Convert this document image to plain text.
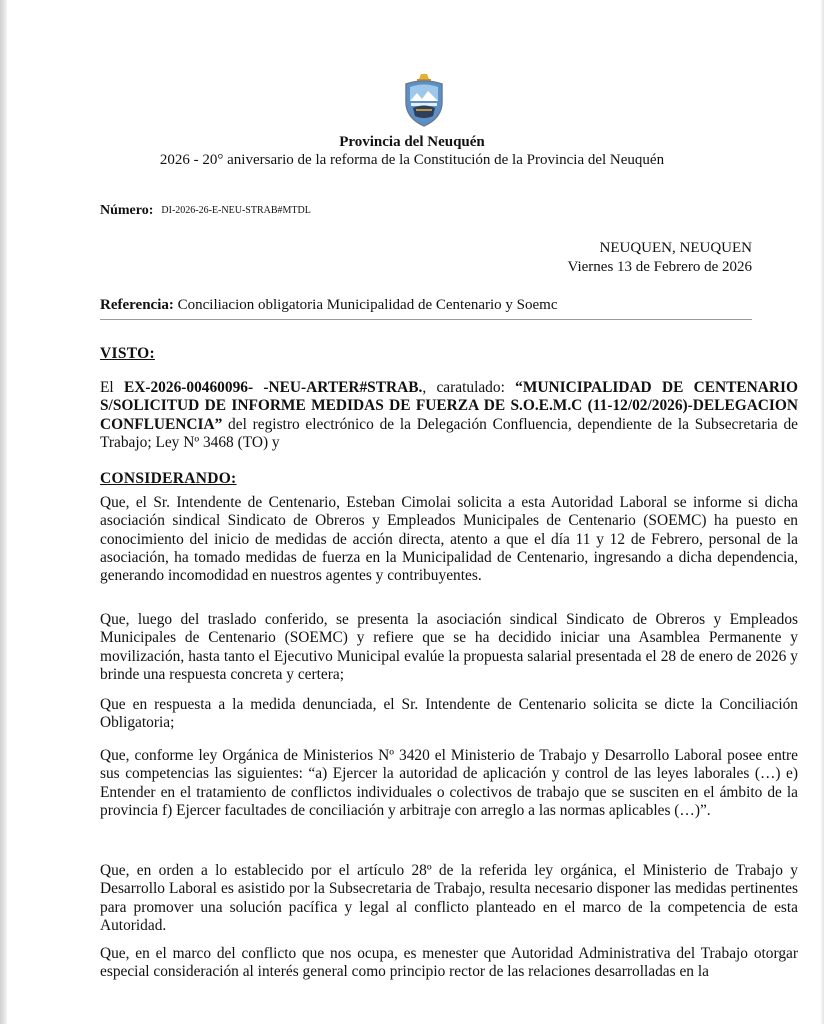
Provincia del Neuquén
2026 - 20° aniversario de la reforma de la Constitución de la Provincia del Neuquén
Número: DI-2026-26-E-NEU-STRAB#MTDL
NEUQUEN, NEUQUEN
Viernes 13 de Febrero de 2026
Referencia: Conciliacion obligatoria Municipalidad de Centenario y Soemc
VISTO:

El EX-2026-00460096- -NEU-ARTER#STRAB., caratulado: “MUNICIPALIDAD DE CENTENARIO S/SOLICITUD DE INFORME MEDIDAS DE FUERZA DE S.O.E.M.C (11-12/02/2026)-DELEGACION CONFLUENCIA” del registro electrónico de la Delegación Confluencia, dependiente de la Subsecretaria de Trabajo; Ley Nº 3468 (TO) y

CONSIDERANDO:

Que, el Sr. Intendente de Centenario, Esteban Cimolai solicita a esta Autoridad Laboral se informe si dicha asociación sindical Sindicato de Obreros y Empleados Municipales de Centenario (SOEMC) ha puesto en conocimiento del inicio de medidas de acción directa, atento a que el día 11 y 12 de Febrero, personal de la asociación, ha tomado medidas de fuerza en la Municipalidad de Centenario, ingresando a dicha dependencia, generando incomodidad en nuestros agentes y contribuyentes.

Que, luego del traslado conferido, se presenta la asociación sindical Sindicato de Obreros y Empleados Municipales de Centenario (SOEMC) y refiere que se ha decidido iniciar una Asamblea Permanente y movilización, hasta tanto el Ejecutivo Municipal evalúe la propuesta salarial presentada el 28 de enero de 2026 y brinde una respuesta concreta y certera;

Que en respuesta a la medida denunciada, el Sr. Intendente de Centenario solicita se dicte la Conciliación Obligatoria;

Que, conforme ley Orgánica de Ministerios Nº 3420 el Ministerio de Trabajo y Desarrollo Laboral posee entre sus competencias las siguientes: “a) Ejercer la autoridad de aplicación y control de las leyes laborales (…) e) Entender en el tratamiento de conflictos individuales o colectivos de trabajo que se susciten en el ámbito de la provincia f) Ejercer facultades de conciliación y arbitraje con arreglo a las normas aplicables (…)”.

Que, en orden a lo establecido por el artículo 28º de la referida ley orgánica, el Ministerio de Trabajo y Desarrollo Laboral es asistido por la Subsecretaria de Trabajo, resulta necesario disponer las medidas pertinentes para promover una solución pacífica y legal al conflicto planteado en el marco de la competencia de esta Autoridad.

Que, en el marco del conflicto que nos ocupa, es menester que Autoridad Administrativa del Trabajo otorgar especial consideración al interés general como principio rector de las relaciones desarrolladas en la
